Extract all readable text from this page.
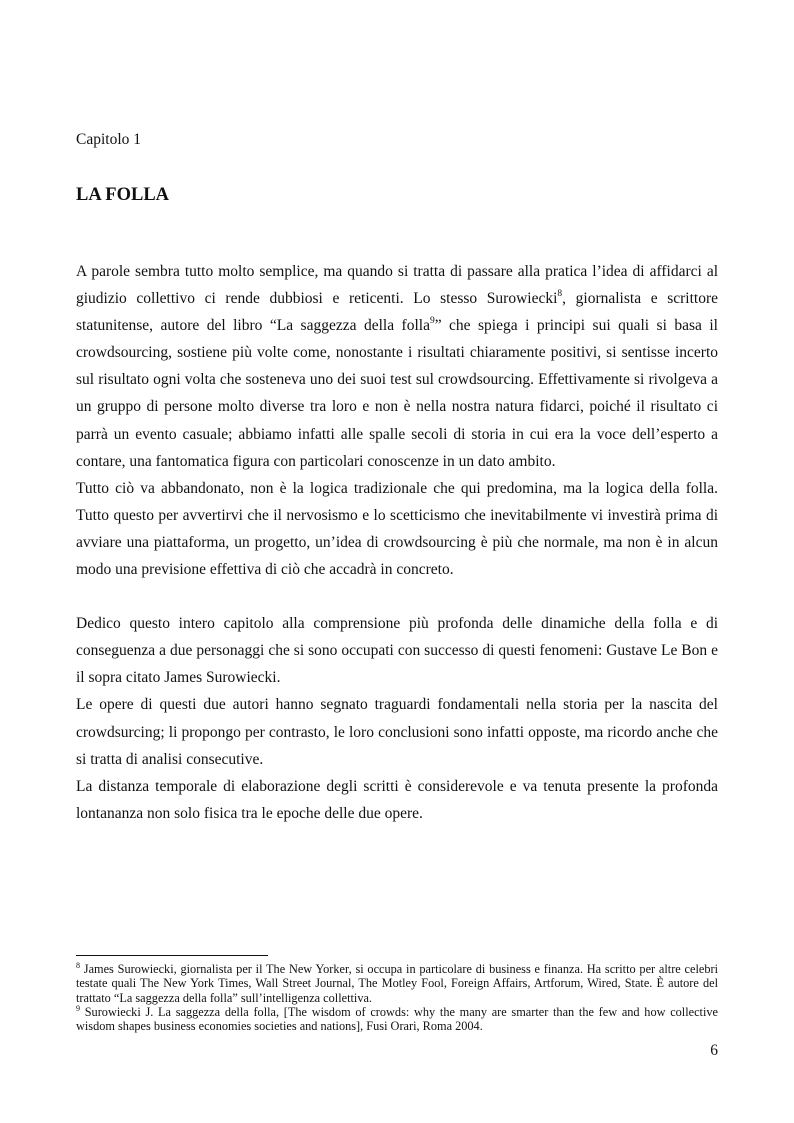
Capitolo 1
LA FOLLA

A parole sembra tutto molto semplice, ma quando si tratta di passare alla pratica l’idea di affidarci al giudizio collettivo ci rende dubbiosi e reticenti. Lo stesso Surowiecki$^8$, giornalista e scrittore statunitense, autore del libro “La saggezza della folla$^9$” che spiega i principi sui quali si basa il crowdsourcing, sostiene più volte come, nonostante i risultati chiaramente positivi, si sentisse incerto sul risultato ogni volta che sosteneva uno dei suoi test sul crowdsourcing. Effettivamente si rivolgeva a un gruppo di persone molto diverse tra loro e non è nella nostra natura fidarci, poiché il risultato ci parrà un evento casuale; abbiamo infatti alle spalle secoli di storia in cui era la voce dell’esperto a contare, una fantomatica figura con particolari conoscenze in un dato ambito.

Tutto ciò va abbandonato, non è la logica tradizionale che qui predomina, ma la logica della folla. Tutto questo per avvertirvi che il nervosismo e lo scetticismo che inevitabilmente vi investirà prima di avviare una piattaforma, un progetto, un’idea di crowdsourcing è più che normale, ma non è in alcun modo una previsione effettiva di ciò che accadrà in concreto.

Dedico questo intero capitolo alla comprensione più profonda delle dinamiche della folla e di conseguenza a due personaggi che si sono occupati con successo di questi fenomeni: Gustave Le Bon e il sopra citato James Surowiecki.

Le opere di questi due autori hanno segnato traguardi fondamentali nella storia per la nascita del crowdsurcing; li propongo per contrasto, le loro conclusioni sono infatti opposte, ma ricordo anche che si tratta di analisi consecutive.

La distanza temporale di elaborazione degli scritti è considerevole e va tenuta presente la profonda lontananza non solo fisica tra le epoche delle due opere.

$^8$ James Surowiecki, giornalista per il The New Yorker, si occupa in particolare di business e finanza. Ha scritto per altre celebri testate quali The New York Times, Wall Street Journal, The Motley Fool, Foreign Affairs, Artforum, Wired, State. È autore del trattato “La saggezza della folla” sull’intelligenza collettiva.

$^9$ Surowiecki J. La saggezza della folla, [The wisdom of crowds: why the many are smarter than the few and how collective wisdom shapes business economies societies and nations], Fusi Orari, Roma 2004.

6
